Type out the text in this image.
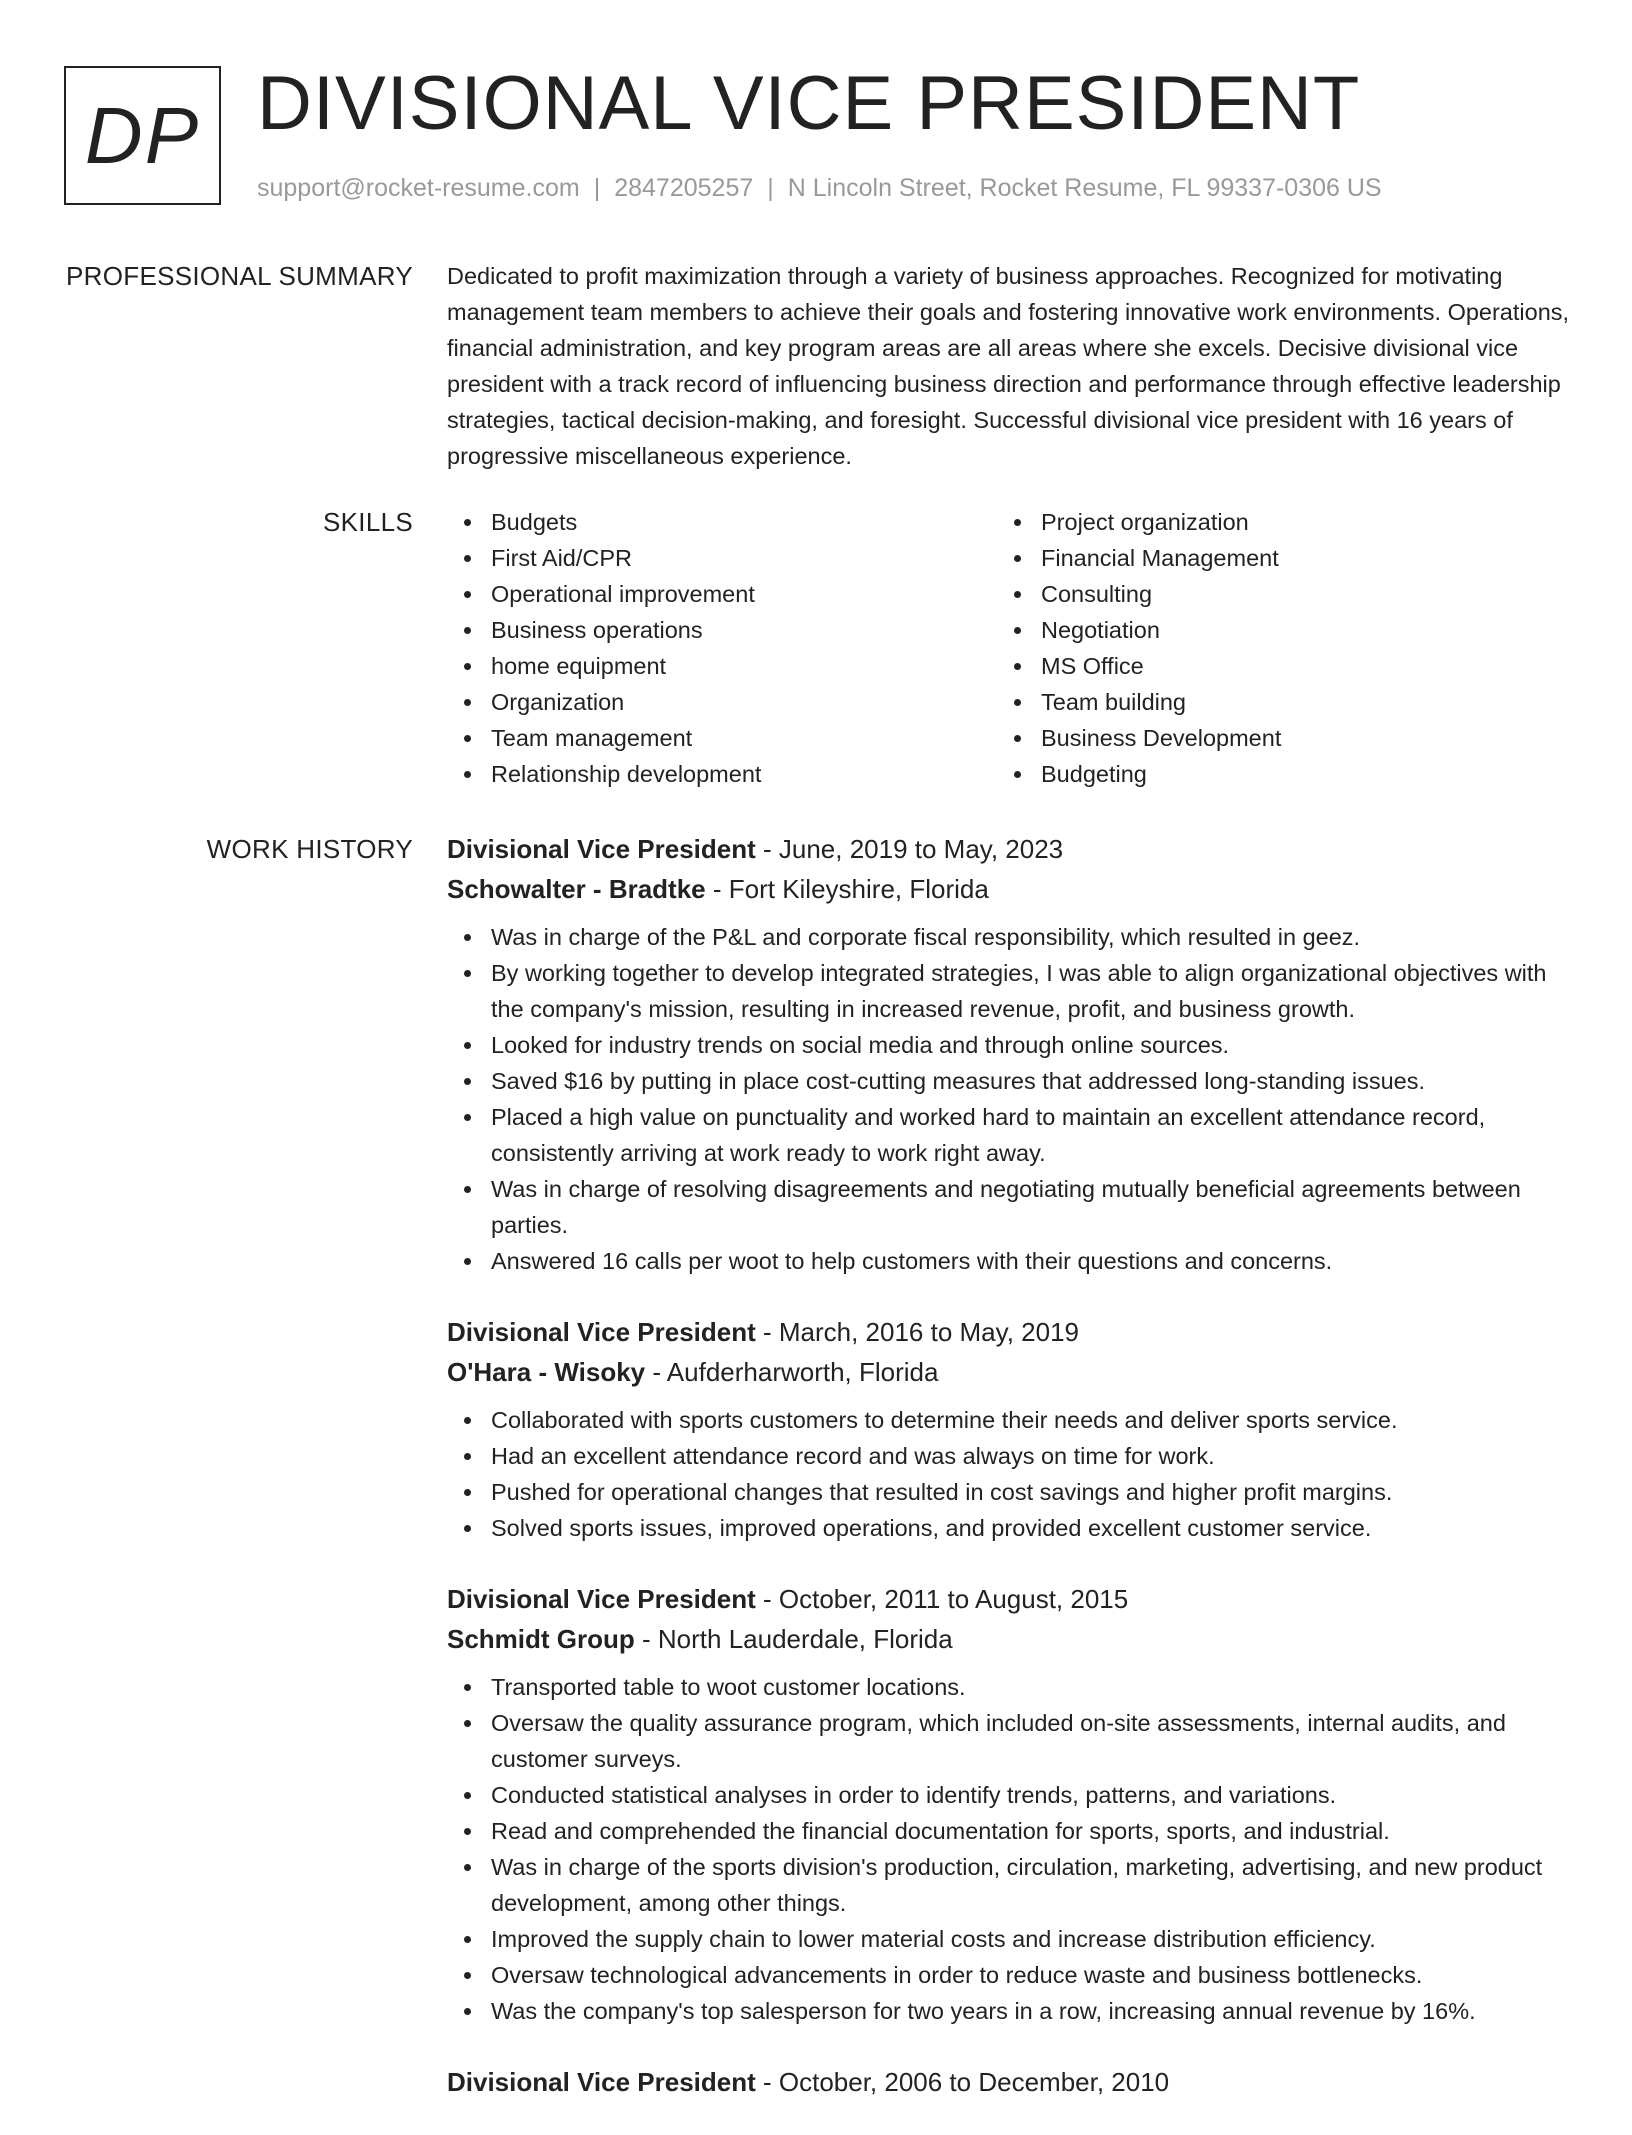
DP DIVISIONAL VICE PRESIDENT
support@rocket-resume.com | 2847205257 | N Lincoln Street, Rocket Resume, FL 99337-0306 US
PROFESSIONAL SUMMARY Dedicated to profit maximization through a variety of business approaches. Recognized for motivating management team members to achieve their goals and fostering innovative work environments. Operations, financial administration, and key program areas are all areas where she excels. Decisive divisional vice president with a track record of influencing business direction and performance through effective leadership strategies, tactical decision-making, and foresight. Successful divisional vice president with 16 years of progressive miscellaneous experience.

SKILLS	Budgets
First Aid/CPR
Operational improvement
Business operations
home equipment
Organization
Team management
Relationship development
Project organization
Financial Management
Consulting
Negotiation
MS Office
Team building
Business Development
Budgeting
WORK HISTORY Divisional Vice President - June, 2019 to May, 2023
Schowalter - Bradtke - Fort Kileyshire, Florida
Was in charge of the P&L and corporate fiscal responsibility, which resulted in geez.
By working together to develop integrated strategies, I was able to align organizational objectives with the company's mission, resulting in increased revenue, profit, and business growth.
Looked for industry trends on social media and through online sources.
Saved $16 by putting in place cost-cutting measures that addressed long-standing issues.
Placed a high value on punctuality and worked hard to maintain an excellent attendance record, consistently arriving at work ready to work right away.
Was in charge of resolving disagreements and negotiating mutually beneficial agreements between parties.
Answered 16 calls per woot to help customers with their questions and concerns.
Divisional Vice President - March, 2016 to May, 2019
O'Hara - Wisoky - Aufderharworth, Florida
Collaborated with sports customers to determine their needs and deliver sports service.
Had an excellent attendance record and was always on time for work.
Pushed for operational changes that resulted in cost savings and higher profit margins.
Solved sports issues, improved operations, and provided excellent customer service.
Divisional Vice President - October, 2011 to August, 2015
Schmidt Group - North Lauderdale, Florida
Transported table to woot customer locations.
Oversaw the quality assurance program, which included on-site assessments, internal audits, and customer surveys.
Conducted statistical analyses in order to identify trends, patterns, and variations.
Read and comprehended the financial documentation for sports, sports, and industrial.
Was in charge of the sports division's production, circulation, marketing, advertising, and new product development, among other things.
Improved the supply chain to lower material costs and increase distribution efficiency.
Oversaw technological advancements in order to reduce waste and business bottlenecks.
Was the company's top salesperson for two years in a row, increasing annual revenue by 16%.
Divisional Vice President - October, 2006 to December, 2010
